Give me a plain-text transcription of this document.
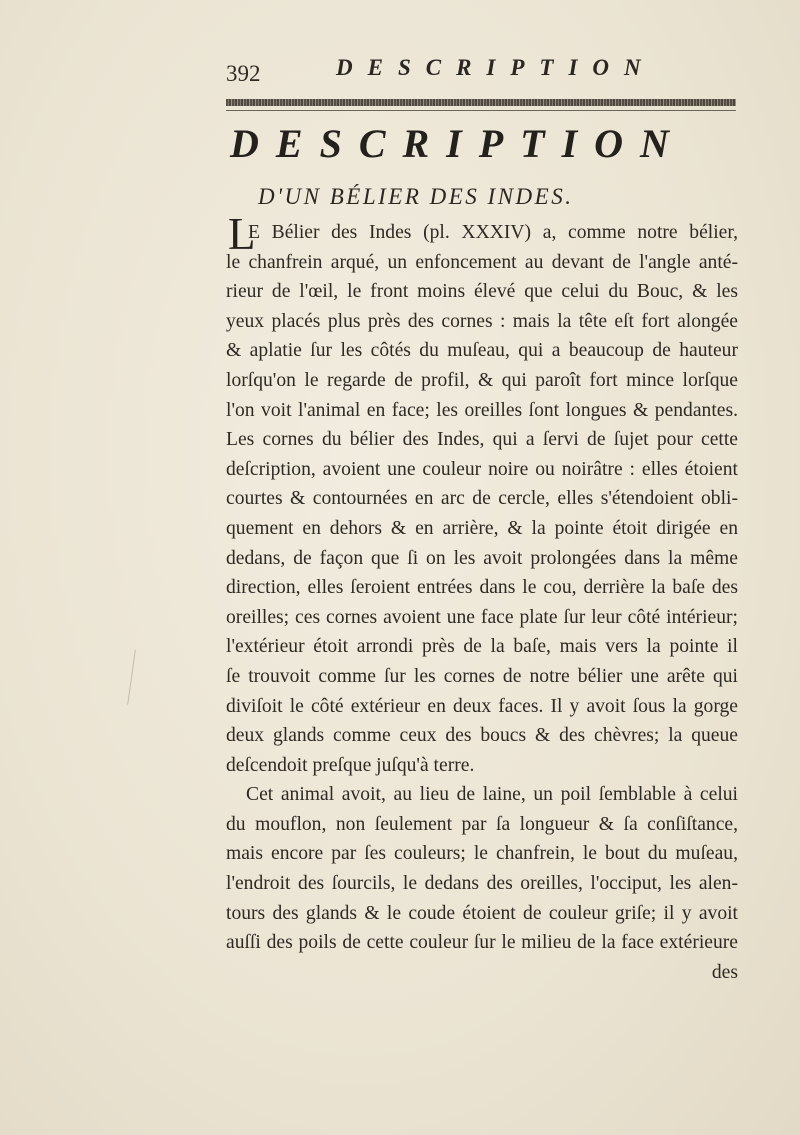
392	DESCRIPTION
DESCRIPTION
D'UN BÉLIER DES INDES.
L
E Bélier des Indes (pl. XXXIV) a, comme notre bélier,
le chanfrein arqué, un enfoncement au devant de l'angle anté-
rieur de l'œil, le front moins élevé que celui du Bouc, & les
yeux placés plus près des cornes : mais la tête eſt fort alongée
& aplatie ſur les côtés du muſeau, qui a beaucoup de hauteur
lorſqu'on le regarde de profil, & qui paroît fort mince lorſque
l'on voit l'animal en face; les oreilles ſont longues & pendantes.
Les cornes du bélier des Indes, qui a ſervi de ſujet pour cette
deſcription, avoient une couleur noire ou noirâtre : elles étoient
courtes & contournées en arc de cercle, elles s'étendoient obli-
quement en dehors & en arrière, & la pointe étoit dirigée en
dedans, de façon que ſi on les avoit prolongées dans la même
direction, elles ſeroient entrées dans le cou, derrière la baſe des
oreilles; ces cornes avoient une face plate ſur leur côté intérieur;
l'extérieur étoit arrondi près de la baſe, mais vers la pointe il
ſe trouvoit comme ſur les cornes de notre bélier une arête qui
diviſoit le côté extérieur en deux faces. Il y avoit ſous la gorge
deux glands comme ceux des boucs & des chèvres; la queue
deſcendoit preſque juſqu'à terre.
Cet animal avoit, au lieu de laine, un poil ſemblable à celui
du mouflon, non ſeulement par ſa longueur & ſa conſiſtance,
mais encore par ſes couleurs; le chanfrein, le bout du muſeau,
l'endroit des ſourcils, le dedans des oreilles, l'occiput, les alen-
tours des glands & le coude étoient de couleur griſe; il y avoit
auſſi des poils de cette couleur ſur le milieu de la face extérieure
des
